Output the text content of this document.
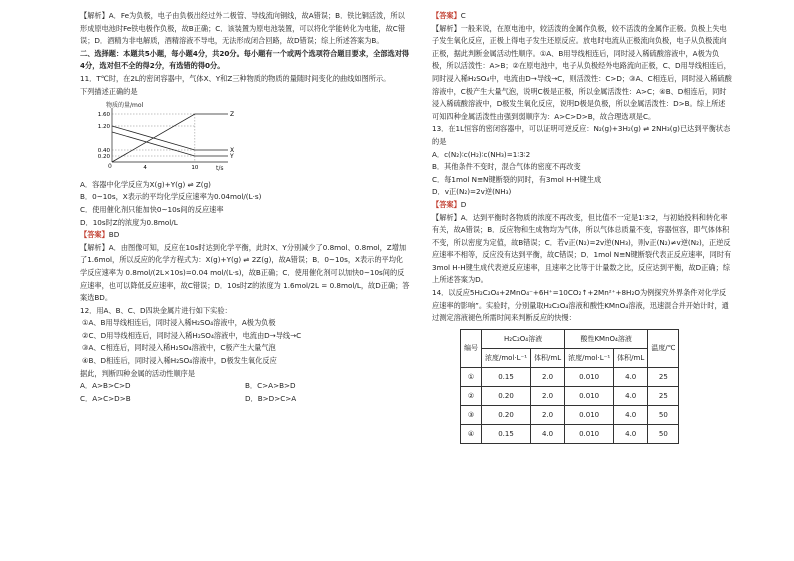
【解析】A．Fe为负极，电子由负极出经过外二极管、导线流向铜线，故A错误；B．铁比铜活泼，所以形成原电池时Fe铁电极作负极，故B正确；C．该装置为原电池装置，可以将化学能转化为电能，故C错误；D．酒精为非电解质，酒精溶液不导电，无法形成闭合回路，故D错误；综上所述答案为B。

二、选择题：本题共5小题，每小题4分，共20分。每小题有一个或两个选项符合题目要求，全部选对得4分，选对但不全的得2分，有选错的得0分。

11．T℃时，在2L的密闭容器中，气体X、Y和Z三种物质的物质的量随时间变化的曲线如图所示。

下列描述正确的是

物质的量/mol
Z
X
Y
0.20
0.40
1.20
1.60
4	10	t/s
0

A．容器中化学反应为X(g)+Y(g) ⇌ Z(g)

B．0~10s，X表示的平均化学反应速率为0.04mol/(L·s)

C．使用催化剂只能加快0~10s间的反应速率

D．10s时Z的浓度为0.8mol/L

【答案】BD

【解析】A．由图像可知，反应在10s时达到化学平衡，此时X、Y分别减少了0.8mol、0.8mol，Z增加了1.6mol，所以反应的化学方程式为：X(g)+Y(g) ⇌ 2Z(g)，故A错误；B．0~10s，X表示的平均化学反应速率为 0.8mol/(2L×10s)=0.04 mol/(L·s)，故B正确；C．使用催化剂可以加快0~10s间的反应速率，也可以降低反应速率，故C错误；D．10s时Z的浓度为 1.6mol/2L = 0.8mol/L，故D正确；答案选BD。

12．用A、B、C、D四块金属片进行如下实验：

①A、B用导线相连后，同时浸入稀H₂SO₄溶液中，A极为负极

②C、D用导线相连后，同时浸入稀H₂SO₄溶液中，电流由D→导线→C

③A、C相连后，同时浸入稀H₂SO₄溶液中，C极产生大量气泡

④B、D相连后，同时浸入稀H₂SO₄溶液中，D极发生氧化反应

据此，判断四种金属的活动性顺序是

A．A>B>C>D	B．C>A>B>D
C．A>C>D>B	D．B>D>C>A

【答案】C

【解析】一般来说，在原电池中，较活泼的金属作负极，较不活泼的金属作正极。负极上失电子发生氧化反应，正极上得电子发生还原反应。放电时电流从正极流向负极，电子从负极流向正极，据此判断金属活动性顺序。①A、B用导线相连后，同时浸入稀硫酸溶液中，A极为负极，所以活泼性：A>B；②在原电池中，电子从负极经外电路流向正极，C、D用导线相连后，同时浸入稀H₂SO₄中，电流由D→导线→C，则活泼性：C>D；③A、C相连后，同时浸入稀硫酸溶液中，C极产生大量气泡，说明C极是正极，所以金属活泼性：A>C；④B、D相连后，同时浸入稀硫酸溶液中，D极发生氧化反应，说明D极是负极，所以金属活泼性：D>B。综上所述可知四种金属活泼性由强到弱顺序为：A>C>D>B，故合理选项是C。

13．在1L恒容的密闭容器中，可以证明可逆反应：N₂(g)+3H₂(g) ⇌ 2NH₃(g)已达到平衡状态的是

A．c(N₂)∶c(H₂)∶c(NH₃)=1∶3∶2

B．其他条件不变时，混合气体的密度不再改变

C．每1mol N≡N键断裂的同时，有3mol H-H键生成

D．v正(N₂)=2v逆(NH₃)

【答案】D

【解析】A．达到平衡时各物质的浓度不再改变，但比值不一定是1∶3∶2，与初始投料和转化率有关，故A错误；B．反应物和生成物均为气体，所以气体总质量不变，容器恒容，即气体体积不变，所以密度为定值，故B错误；C．若v正(N₂)=2v逆(NH₃)，则v正(N₂)≠v逆(N₂)，正逆反应速率不相等，反应没有达到平衡，故C错误；D．1mol N≡N键断裂代表正反应速率，同时有3mol H-H键生成代表逆反应速率，且速率之比等于计量数之比，反应达到平衡，故D正确；综上所述答案为D。

14．以反应5H₂C₂O₄+2MnO₄⁻+6H⁺=10CO₂↑+2Mn²⁺+8H₂O为例探究外界条件对化学反应速率的影响”。实验时，分别量取H₂C₂O₄溶液和酸性KMnO₄溶液，迅速混合并开始计时，通过测定溶液褪色所需时间来判断反应的快慢：

编号	H₂C₂O₄溶液		酸性KMnO₄溶液		温度/℃
	浓度/mol·L⁻¹	体积/mL	浓度/mol·L⁻¹	体积/mL	
①	0.15	2.0	0.010	4.0	25
②	0.20	2.0	0.010	4.0	25
③	0.20	2.0	0.010	4.0	50
④	0.15	4.0	0.010	4.0	50
